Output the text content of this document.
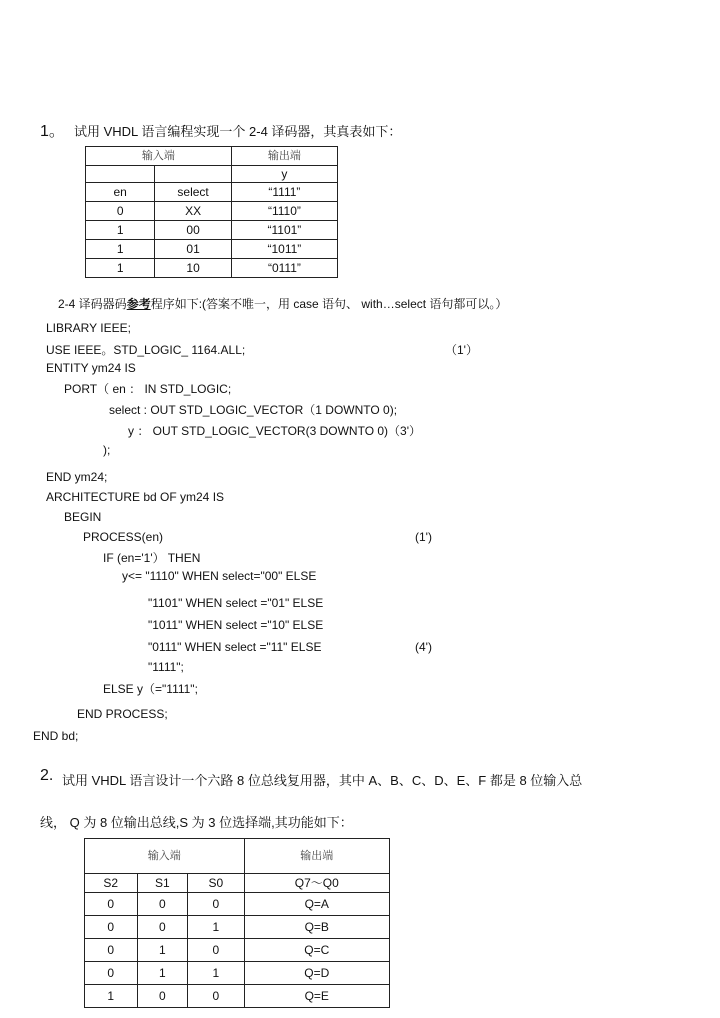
1。 试用 VHDL 语言编程实现一个 2-4 译码器，其真表如下：
输入端		输出端
		y
en	select	“1111”
0	XX	“1110”
1	00	“1101”
1	01	“1011”
1	10	“0111”
2-4 译码器码参考程序如下:(答案不唯一，用 case 语句、 with…select 语句都可以。）
LIBRARY IEEE;
USE IEEE。STD_LOGIC_ 1164.ALL;	（1'）
ENTITY ym24 IS
PORT（ en ： IN STD_LOGIC;
select : OUT STD_LOGIC_VECTOR（1 DOWNTO 0);
y ： OUT STD_LOGIC_VECTOR(3 DOWNTO 0)（3'）
);
END ym24;
ARCHITECTURE bd OF ym24 IS
BEGIN
PROCESS(en)	(1')
IF (en='1'） THEN
y<= "1110" WHEN select="00" ELSE
"1101" WHEN select ="01" ELSE
"1011" WHEN select ="10" ELSE
"0111" WHEN select ="11" ELSE	(4')
"1111";
ELSE y（="1111";
END PROCESS;
END bd;
2. 试用 VHDL 语言设计一个六路 8 位总线复用器，其中 A、B、C、D、E、F 都是 8 位输入总
线， Q 为 8 位输出总线,S 为 3 位选择端,其功能如下：
输入端			输出端
S2	S1	S0	Q7～Q0
0	0	0	Q=A
0	0	1	Q=B
0	1	0	Q=C
0	1	1	Q=D
1	0	0	Q=E
